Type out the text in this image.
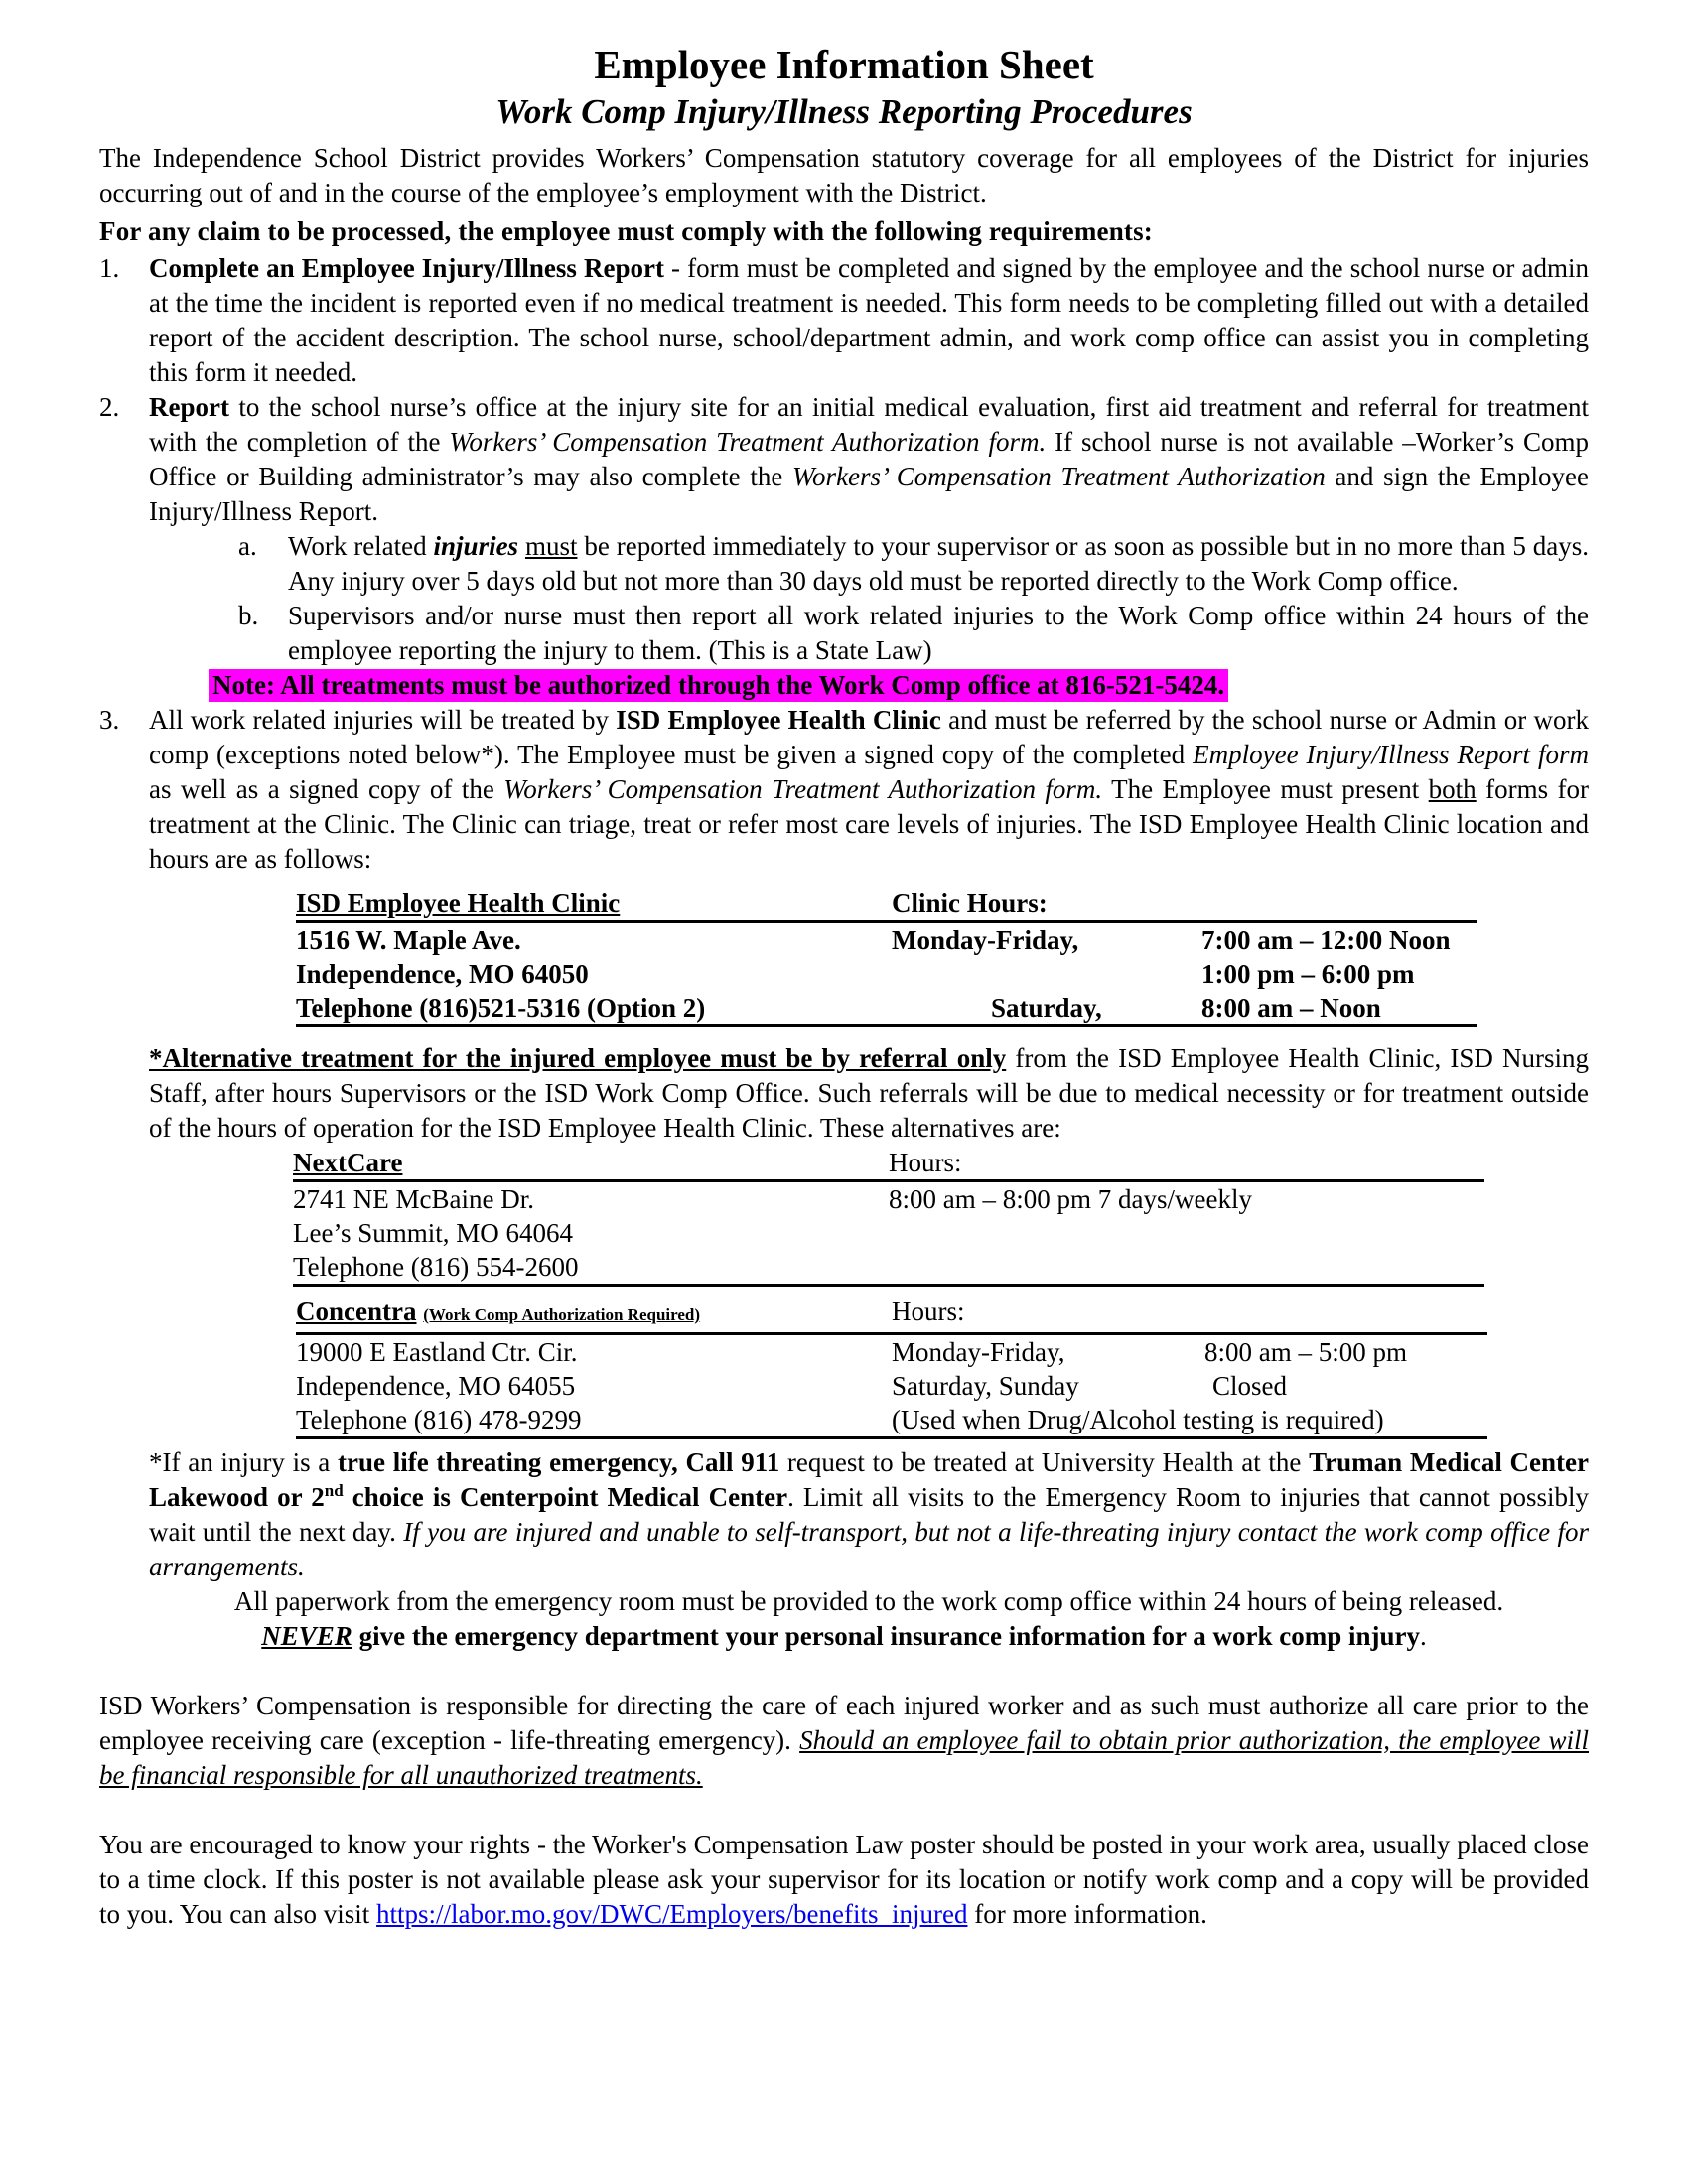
Employee Information Sheet
Work Comp Injury/Illness Reporting Procedures

The Independence School District provides Workers’ Compensation statutory coverage for all employees of the District for injuries occurring out of and in the course of the employee’s employment with the District.

For any claim to be processed, the employee must comply with the following requirements:

1. Complete an Employee Injury/Illness Report - form must be completed and signed by the employee and the school nurse or admin at the time the incident is reported even if no medical treatment is needed. This form needs to be completing filled out with a detailed report of the accident description. The school nurse, school/department admin, and work comp office can assist you in completing this form it needed.
2. Report to the school nurse’s office at the injury site for an initial medical evaluation, first aid treatment and referral for treatment with the completion of the Workers’ Compensation Treatment Authorization form. If school nurse is not available –Worker’s Comp Office or Building administrator’s may also complete the Workers’ Compensation Treatment Authorization and sign the Employee Injury/Illness Report.
a. Work related injuries must be reported immediately to your supervisor or as soon as possible but in no more than 5 days. Any injury over 5 days old but not more than 30 days old must be reported directly to the Work Comp office.
b. Supervisors and/or nurse must then report all work related injuries to the Work Comp office within 24 hours of the employee reporting the injury to them. (This is a State Law)
Note: All treatments must be authorized through the Work Comp office at 816-521-5424.
3. All work related injuries will be treated by ISD Employee Health Clinic and must be referred by the school nurse or Admin or work comp (exceptions noted below*). The Employee must be given a signed copy of the completed Employee Injury/Illness Report form as well as a signed copy of the Workers’ Compensation Treatment Authorization form. The Employee must present both forms for treatment at the Clinic. The Clinic can triage, treat or refer most care levels of injuries. The ISD Employee Health Clinic location and hours are as follows:
ISD Employee Health Clinic	Clinic Hours:	
1516 W. Maple Ave.	Monday-Friday,	7:00 am – 12:00 Noon
Independence, MO 64050		1:00 pm – 6:00 pm
Telephone (816)521-5316 (Option 2)	Saturday,	8:00 am – Noon

*Alternative treatment for the injured employee must be by referral only from the ISD Employee Health Clinic, ISD Nursing Staff, after hours Supervisors or the ISD Work Comp Office. Such referrals will be due to medical necessity or for treatment outside of the hours of operation for the ISD Employee Health Clinic. These alternatives are:

NextCare	Hours:
2741 NE McBaine Dr.	8:00 am – 8:00 pm 7 days/weekly
Lee’s Summit, MO 64064	
Telephone (816) 554-2600	
Concentra (Work Comp Authorization Required)	Hours:	
19000 E Eastland Ctr. Cir.	Monday-Friday,	8:00 am – 5:00 pm
Independence, MO 64055	Saturday, Sunday	Closed
Telephone (816) 478-9299	(Used when Drug/Alcohol testing is required)	

*If an injury is a true life threating emergency, Call 911 request to be treated at University Health at the Truman Medical Center Lakewood or 2nd choice is Centerpoint Medical Center. Limit all visits to the Emergency Room to injuries that cannot possibly wait until the next day. If you are injured and unable to self-transport, but not a life-threating injury contact the work comp office for arrangements.

All paperwork from the emergency room must be provided to the work comp office within 24 hours of being released.

NEVER give the emergency department your personal insurance information for a work comp injury.

ISD Workers’ Compensation is responsible for directing the care of each injured worker and as such must authorize all care prior to the employee receiving care (exception - life-threating emergency). Should an employee fail to obtain prior authorization, the employee will be financial responsible for all unauthorized treatments.

You are encouraged to know your rights - the Worker's Compensation Law poster should be posted in your work area, usually placed close to a time clock. If this poster is not available please ask your supervisor for its location or notify work comp and a copy will be provided to you. You can also visit https://labor.mo.gov/DWC/Employers/benefits_injured for more information.
